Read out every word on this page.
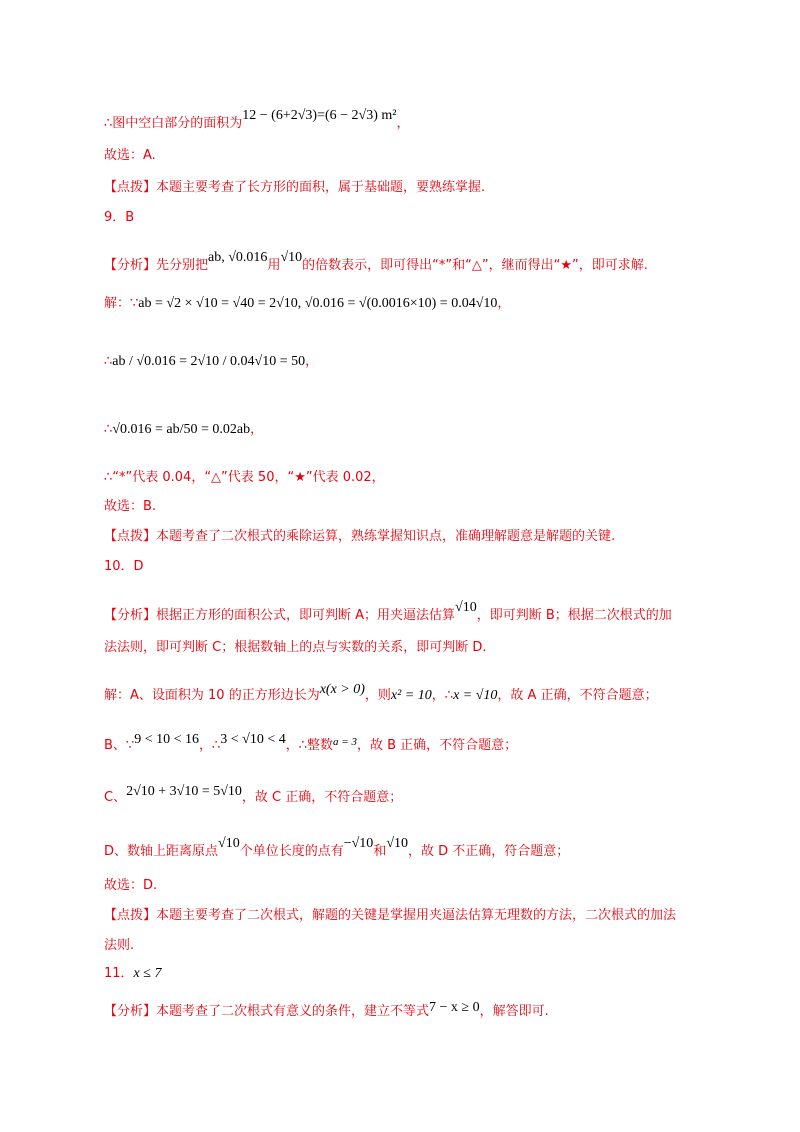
∴图中空白部分的面积为12 − (6+2√3)=(6 − 2√3) m²，
故选：A.
【点拨】本题主要考查了长方形的面积，属于基础题，要熟练掌握.
9．B
【分析】先分别把ab, √0.016用√10的倍数表示，即可得出“*”和“△”，继而得出“★”，即可求解.
解：∵ab = √2 × √10 = √40 = 2√10, √0.016 = √(0.0016×10) = 0.04√10，
∴ab / √0.016 = 2√10 / 0.04√10 = 50，
∴√0.016 = ab/50 = 0.02ab，
∴“*”代表 0.04，“△”代表 50，“★”代表 0.02，
故选：B.
【点拨】本题考查了二次根式的乘除运算，熟练掌握知识点，准确理解题意是解题的关键.
10．D
【分析】根据正方形的面积公式，即可判断 A；用夹逼法估算√10，即可判断 B；根据二次根式的加
法法则，即可判断 C；根据数轴上的点与实数的关系，即可判断 D.
解：A、设面积为 10 的正方形边长为x(x > 0)，则x² = 10，∴x = √10，故 A 正确，不符合题意；
B、∵9 < 10 < 16，∴3 < √10 < 4，∴整数$^{a = 3}$，故 B 正确，不符合题意；
C、2√10 + 3√10 = 5√10，故 C 正确，不符合题意；
D、数轴上距离原点√10个单位长度的点有−√10和√10，故 D 不正确，符合题意；
故选：D.
【点拨】本题主要考查了二次根式，解题的关键是掌握用夹逼法估算无理数的方法，二次根式的加法
法则.
11．x ≤ 7
【分析】本题考查了二次根式有意义的条件，建立不等式7 − x ≥ 0，解答即可.
